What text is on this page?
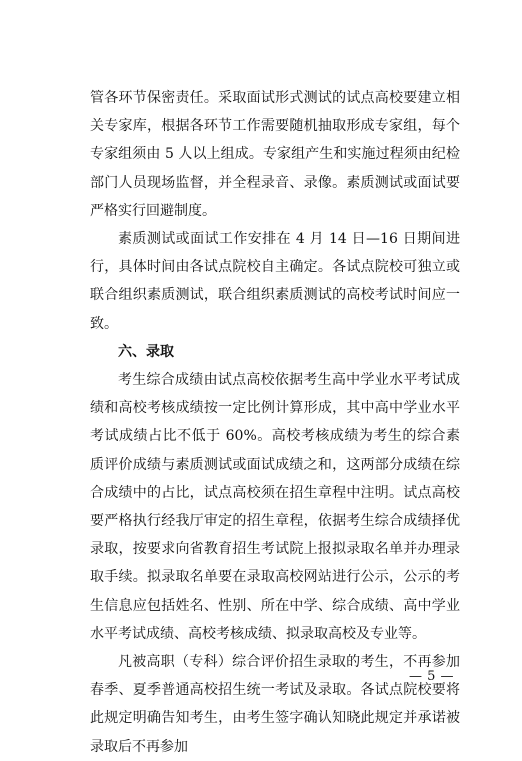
管各环节保密责任。采取面试形式测试的试点高校要建立相关专家库，根据各环节工作需要随机抽取形成专家组，每个专家组须由 5 人以上组成。专家组产生和实施过程须由纪检部门人员现场监督，并全程录音、录像。素质测试或面试要严格实行回避制度。

素质测试或面试工作安排在 4 月 14 日—16 日期间进行，具体时间由各试点院校自主确定。各试点院校可独立或联合组织素质测试，联合组织素质测试的高校考试时间应一致。

六、录取

考生综合成绩由试点高校依据考生高中学业水平考试成绩和高校考核成绩按一定比例计算形成，其中高中学业水平考试成绩占比不低于 60%。高校考核成绩为考生的综合素质评价成绩与素质测试或面试成绩之和，这两部分成绩在综合成绩中的占比，试点高校须在招生章程中注明。试点高校要严格执行经我厅审定的招生章程，依据考生综合成绩择优录取，按要求向省教育招生考试院上报拟录取名单并办理录取手续。拟录取名单要在录取高校网站进行公示，公示的考生信息应包括姓名、性别、所在中学、综合成绩、高中学业水平考试成绩、高校考核成绩、拟录取高校及专业等。

凡被高职（专科）综合评价招生录取的考生，不再参加春季、夏季普通高校招生统一考试及录取。各试点院校要将此规定明确告知考生，由考生签字确认知晓此规定并承诺被录取后不再参加

— 5 —
